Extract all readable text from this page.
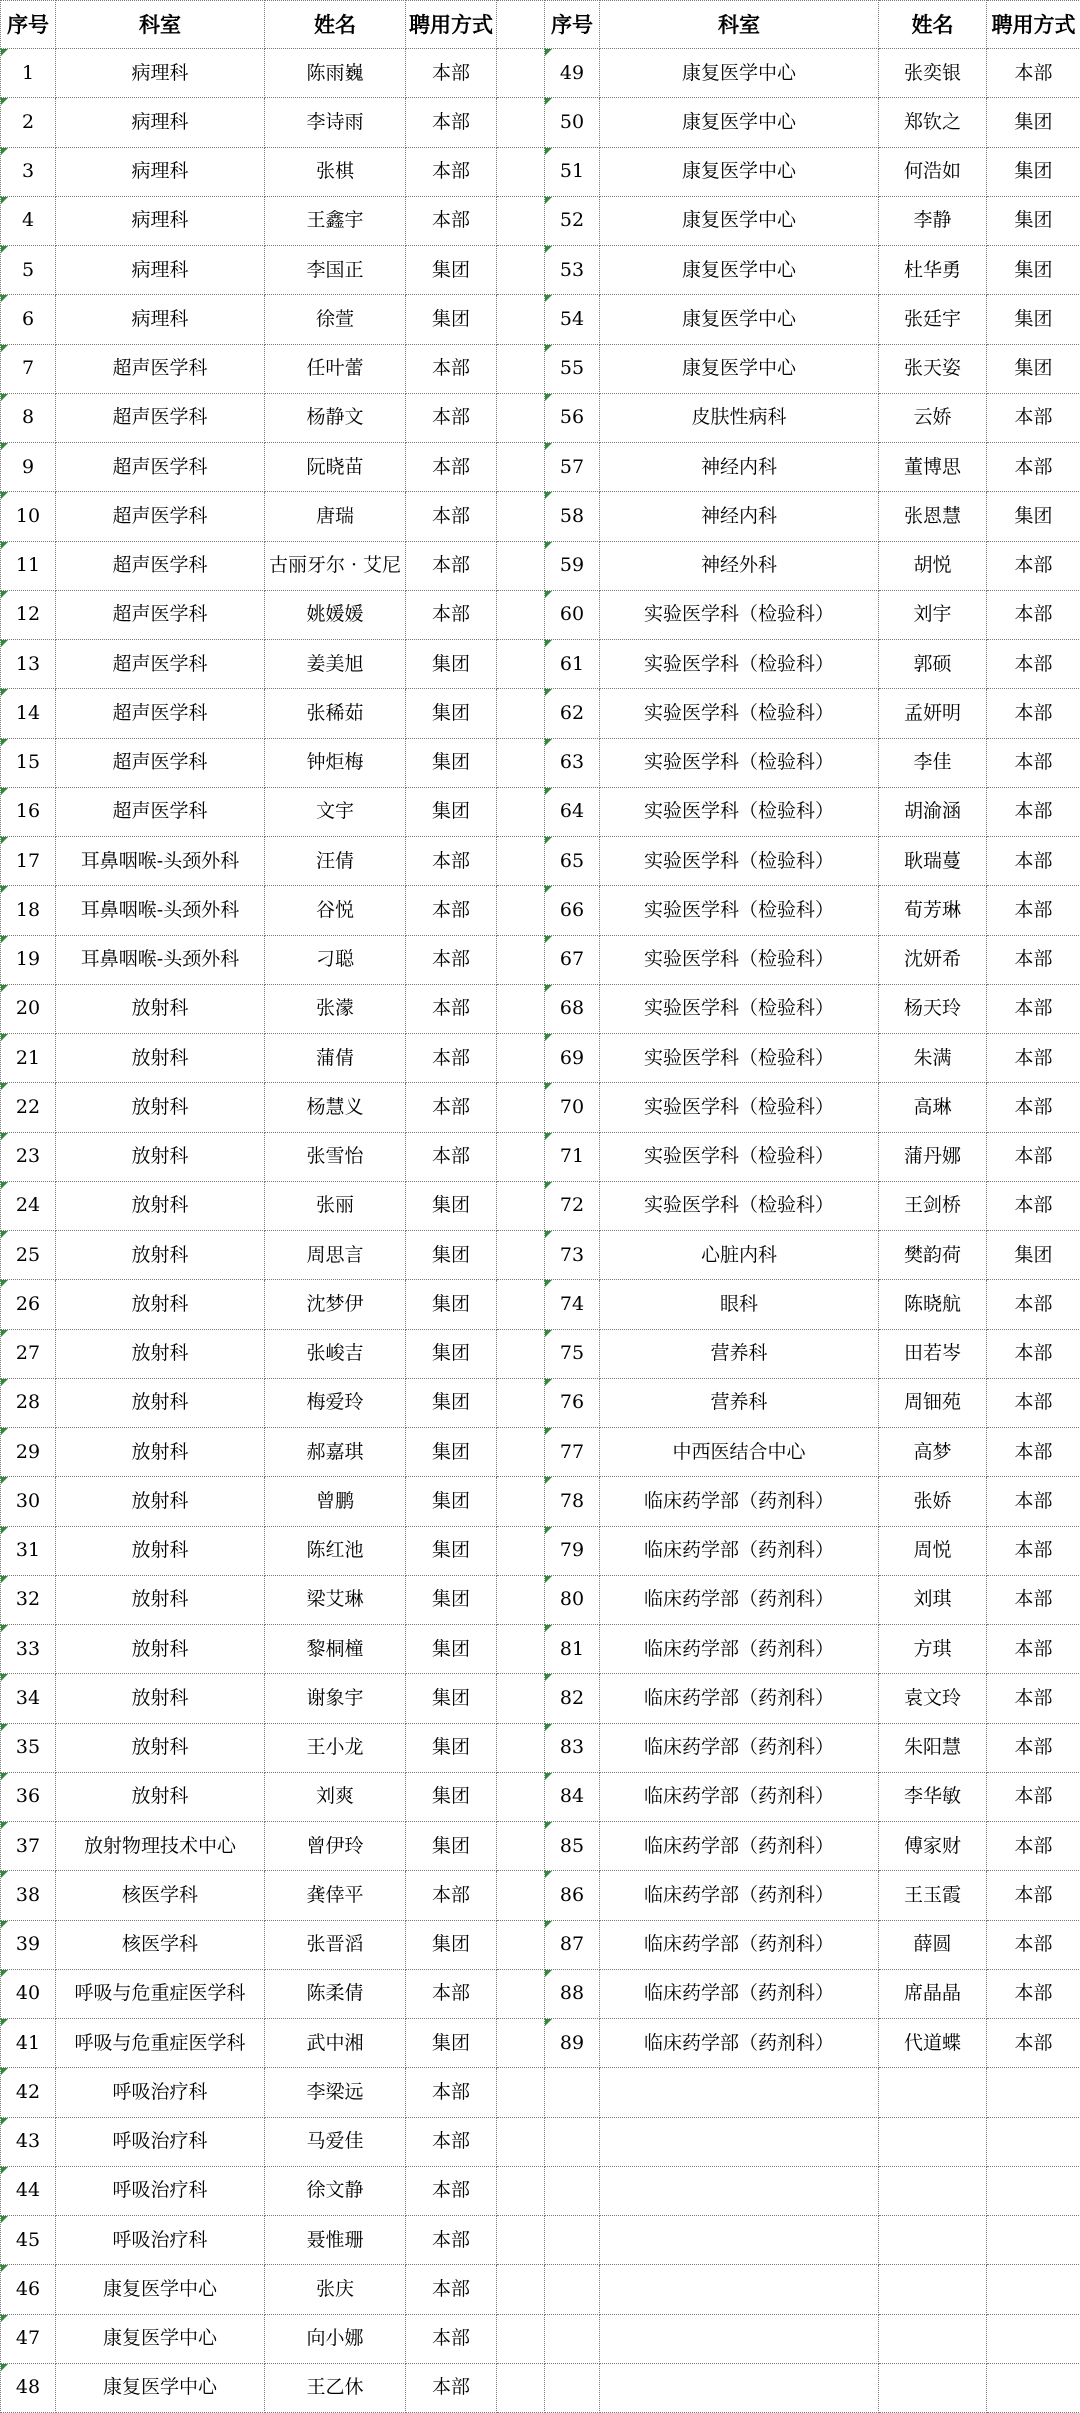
序号	科室	姓名	聘用方式		序号	科室	姓名	聘用方式
1	病理科	陈雨巍	本部		49	康复医学中心	张奕银	本部
2	病理科	李诗雨	本部		50	康复医学中心	郑钦之	集团
3	病理科	张棋	本部		51	康复医学中心	何浩如	集团
4	病理科	王鑫宇	本部		52	康复医学中心	李静	集团
5	病理科	李国正	集团		53	康复医学中心	杜华勇	集团
6	病理科	徐萱	集团		54	康复医学中心	张廷宇	集团
7	超声医学科	任叶蕾	本部		55	康复医学中心	张天姿	集团
8	超声医学科	杨静文	本部		56	皮肤性病科	云娇	本部
9	超声医学科	阮晓苗	本部		57	神经内科	董博思	本部
10	超声医学科	唐瑞	本部		58	神经内科	张恩慧	集团
11	超声医学科	古丽牙尔 · 艾尼	本部		59	神经外科	胡悦	本部
12	超声医学科	姚媛媛	本部		60	实验医学科（检验科）	刘宇	本部
13	超声医学科	姜美旭	集团		61	实验医学科（检验科）	郭硕	本部
14	超声医学科	张稀茹	集团		62	实验医学科（检验科）	孟妍明	本部
15	超声医学科	钟炬梅	集团		63	实验医学科（检验科）	李佳	本部
16	超声医学科	文宇	集团		64	实验医学科（检验科）	胡渝涵	本部
17	耳鼻咽喉-头颈外科	汪倩	本部		65	实验医学科（检验科）	耿瑞蔓	本部
18	耳鼻咽喉-头颈外科	谷悦	本部		66	实验医学科（检验科）	荀芳琳	本部
19	耳鼻咽喉-头颈外科	刁聪	本部		67	实验医学科（检验科）	沈妍希	本部
20	放射科	张濛	本部		68	实验医学科（检验科）	杨天玲	本部
21	放射科	蒲倩	本部		69	实验医学科（检验科）	朱满	本部
22	放射科	杨慧义	本部		70	实验医学科（检验科）	高琳	本部
23	放射科	张雪怡	本部		71	实验医学科（检验科）	蒲丹娜	本部
24	放射科	张丽	集团		72	实验医学科（检验科）	王剑桥	本部
25	放射科	周思言	集团		73	心脏内科	樊韵荷	集团
26	放射科	沈梦伊	集团		74	眼科	陈晓航	本部
27	放射科	张峻吉	集团		75	营养科	田若岑	本部
28	放射科	梅爱玲	集团		76	营养科	周钿苑	本部
29	放射科	郝嘉琪	集团		77	中西医结合中心	高梦	本部
30	放射科	曾鹏	集团		78	临床药学部（药剂科）	张娇	本部
31	放射科	陈红池	集团		79	临床药学部（药剂科）	周悦	本部
32	放射科	梁艾琳	集团		80	临床药学部（药剂科）	刘琪	本部
33	放射科	黎桐橦	集团		81	临床药学部（药剂科）	方琪	本部
34	放射科	谢象宇	集团		82	临床药学部（药剂科）	袁文玲	本部
35	放射科	王小龙	集团		83	临床药学部（药剂科）	朱阳慧	本部
36	放射科	刘爽	集团		84	临床药学部（药剂科）	李华敏	本部
37	放射物理技术中心	曾伊玲	集团		85	临床药学部（药剂科）	傅家财	本部
38	核医学科	龚倖平	本部		86	临床药学部（药剂科）	王玉霞	本部
39	核医学科	张晋滔	集团		87	临床药学部（药剂科）	薛圆	本部
40	呼吸与危重症医学科	陈柔倩	本部		88	临床药学部（药剂科）	席晶晶	本部
41	呼吸与危重症医学科	武中湘	集团		89	临床药学部（药剂科）	代道蝶	本部
42	呼吸治疗科	李梁远	本部					
43	呼吸治疗科	马爱佳	本部					
44	呼吸治疗科	徐文静	本部					
45	呼吸治疗科	聂惟珊	本部					
46	康复医学中心	张庆	本部					
47	康复医学中心	向小娜	本部					
48	康复医学中心	王乙休	本部					
